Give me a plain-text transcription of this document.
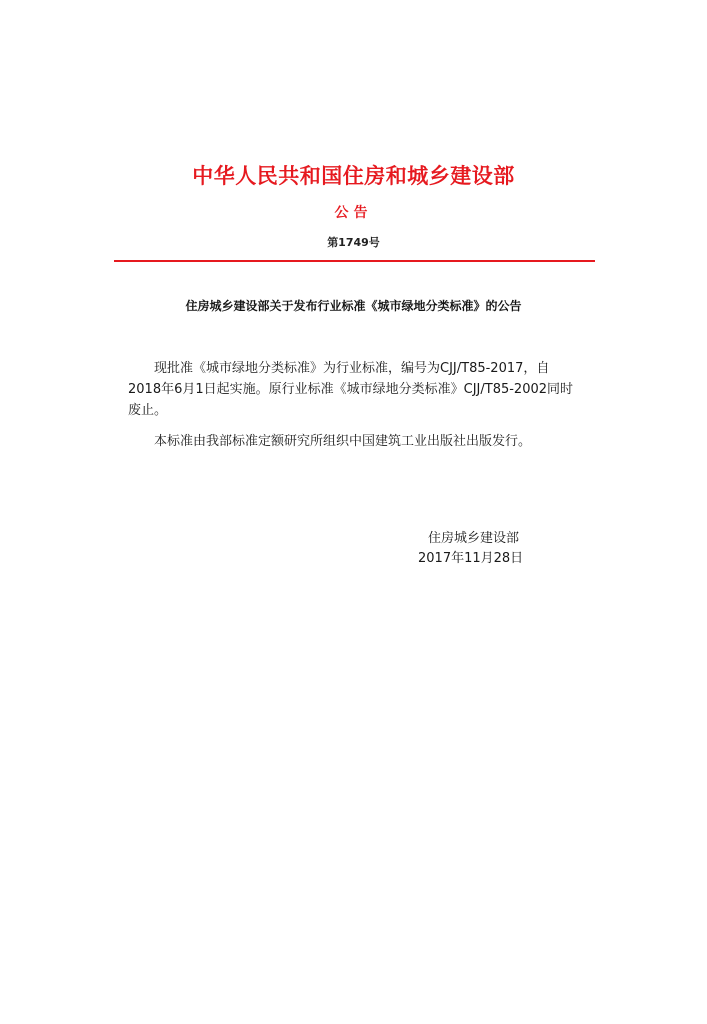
中华人民共和国住房和城乡建设部
公告
第1749号
住房城乡建设部关于发布行业标准《城市绿地分类标准》的公告
现批准《城市绿地分类标准》为行业标准，编号为CJJ/T85-2017，自2018年6月1日起实施。原行业标准《城市绿地分类标准》CJJ/T85-2002同时废止。
本标准由我部标准定额研究所组织中国建筑工业出版社出版发行。
住房城乡建设部
2017年11月28日
